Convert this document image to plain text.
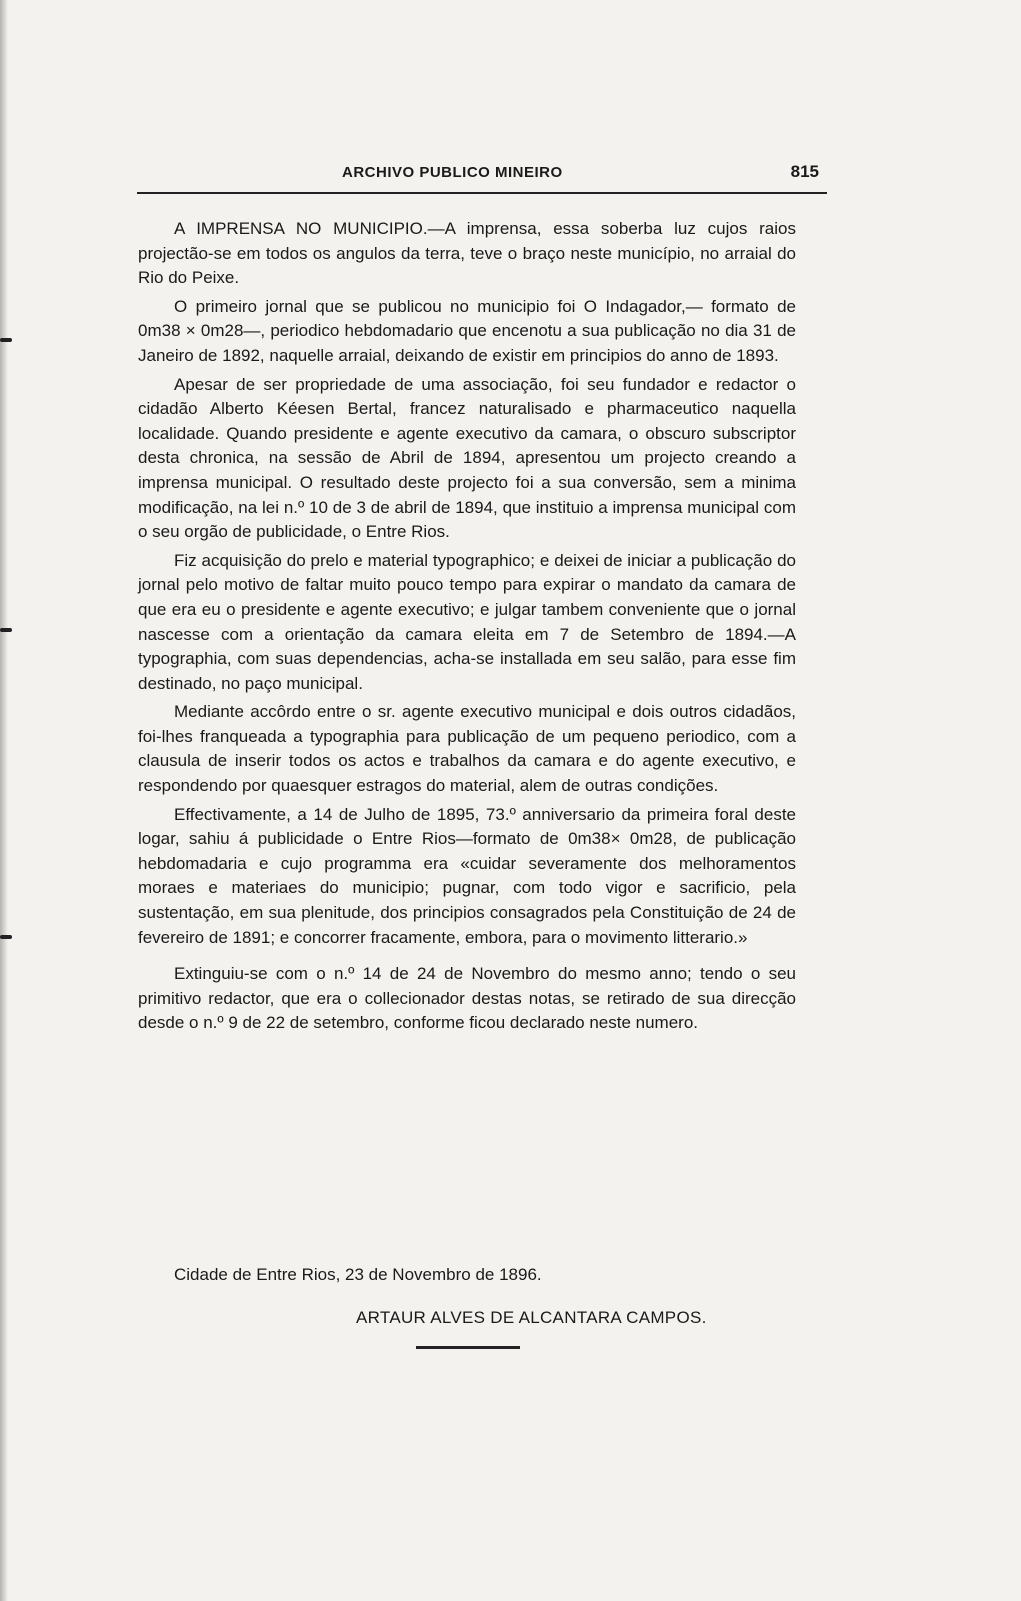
ARCHIVO PUBLICO MINEIRO	815

A IMPRENSA NO MUNICIPIO.—A imprensa, essa soberba luz cujos raios projectão-se em todos os angulos da terra, teve o braço neste município, no arraial do Rio do Peixe.

O primeiro jornal que se publicou no municipio foi O Indagador,— formato de 0m38 × 0m28—, periodico hebdomadario que encenotu a sua publicação no dia 31 de Janeiro de 1892, naquelle arraial, deixando de existir em principios do anno de 1893.

Apesar de ser propriedade de uma associação, foi seu fundador e redactor o cidadão Alberto Kéesen Bertal, francez naturalisado e pharmaceutico naquella localidade. Quando presidente e agente executivo da camara, o obscuro subscriptor desta chronica, na sessão de Abril de 1894, apresentou um projecto creando a imprensa municipal. O resultado deste projecto foi a sua conversão, sem a minima modificação, na lei n.º 10 de 3 de abril de 1894, que instituio a imprensa municipal com o seu orgão de publicidade, o Entre Rios.

Fiz acquisição do prelo e material typographico; e deixei de iniciar a publicação do jornal pelo motivo de faltar muito pouco tempo para expirar o mandato da camara de que era eu o presidente e agente executivo; e julgar tambem conveniente que o jornal nascesse com a orientação da camara eleita em 7 de Setembro de 1894.—A typographia, com suas dependencias, acha-se installada em seu salão, para esse fim destinado, no paço municipal.

Mediante accôrdo entre o sr. agente executivo municipal e dois outros cidadãos, foi-lhes franqueada a typographia para publicação de um pequeno periodico, com a clausula de inserir todos os actos e trabalhos da camara e do agente executivo, e respondendo por quaesquer estragos do material, alem de outras condições.

Effectivamente, a 14 de Julho de 1895, 73.º anniversario da primeira foral deste logar, sahiu á publicidade o Entre Rios—formato de 0m38× 0m28, de publicação hebdomadaria e cujo programma era «cuidar severamente dos melhoramentos moraes e materiaes do municipio; pugnar, com todo vigor e sacrificio, pela sustentação, em sua plenitude, dos principios consagrados pela Constituição de 24 de fevereiro de 1891; e concorrer fracamente, embora, para o movimento litterario.»

Extinguiu-se com o n.º 14 de 24 de Novembro do mesmo anno; tendo o seu primitivo redactor, que era o collecionador destas notas, se retirado de sua direcção desde o n.º 9 de 22 de setembro, conforme ficou declarado neste numero.

Cidade de Entre Rios, 23 de Novembro de 1896.
ARTAUR ALVES DE ALCANTARA CAMPOS.
